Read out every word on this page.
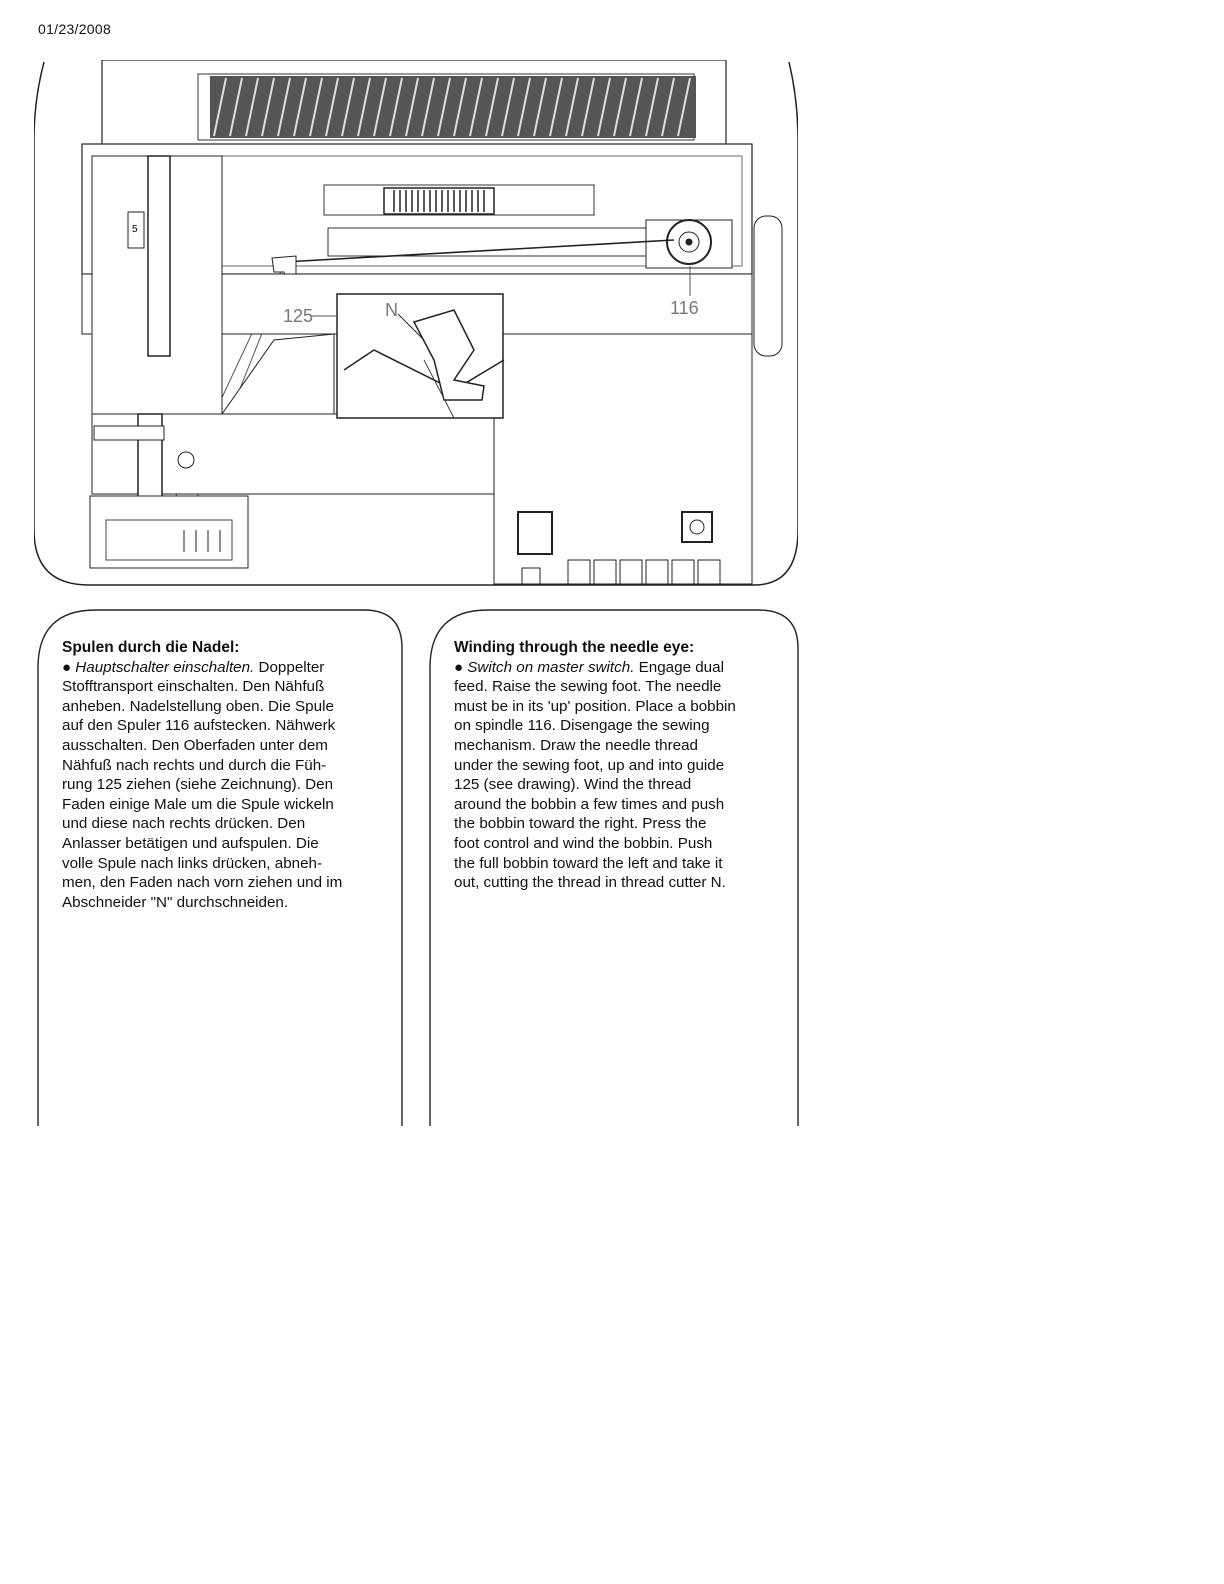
01/23/2008
5
125	116
N
Spulen durch die Nadel:
● Hauptschalter einschalten. Doppelter
Stofftransport einschalten. Den Nähfuß
anheben. Nadelstellung oben. Die Spule
auf den Spuler 116 aufstecken. Nähwerk
ausschalten. Den Oberfaden unter dem
Nähfuß nach rechts und durch die Füh-
rung 125 ziehen (siehe Zeichnung). Den
Faden einige Male um die Spule wickeln
und diese nach rechts drücken. Den
Anlasser betätigen und aufspulen. Die
volle Spule nach links drücken, abneh-
men, den Faden nach vorn ziehen und im
Abschneider "N" durchschneiden.
Winding through the needle eye:
● Switch on master switch. Engage dual
feed. Raise the sewing foot. The needle
must be in its 'up' position. Place a bobbin
on spindle 116. Disengage the sewing
mechanism. Draw the needle thread
under the sewing foot, up and into guide
125 (see drawing). Wind the thread
around the bobbin a few times and push
the bobbin toward the right. Press the
foot control and wind the bobbin. Push
the full bobbin toward the left and take it
out, cutting the thread in thread cutter N.
